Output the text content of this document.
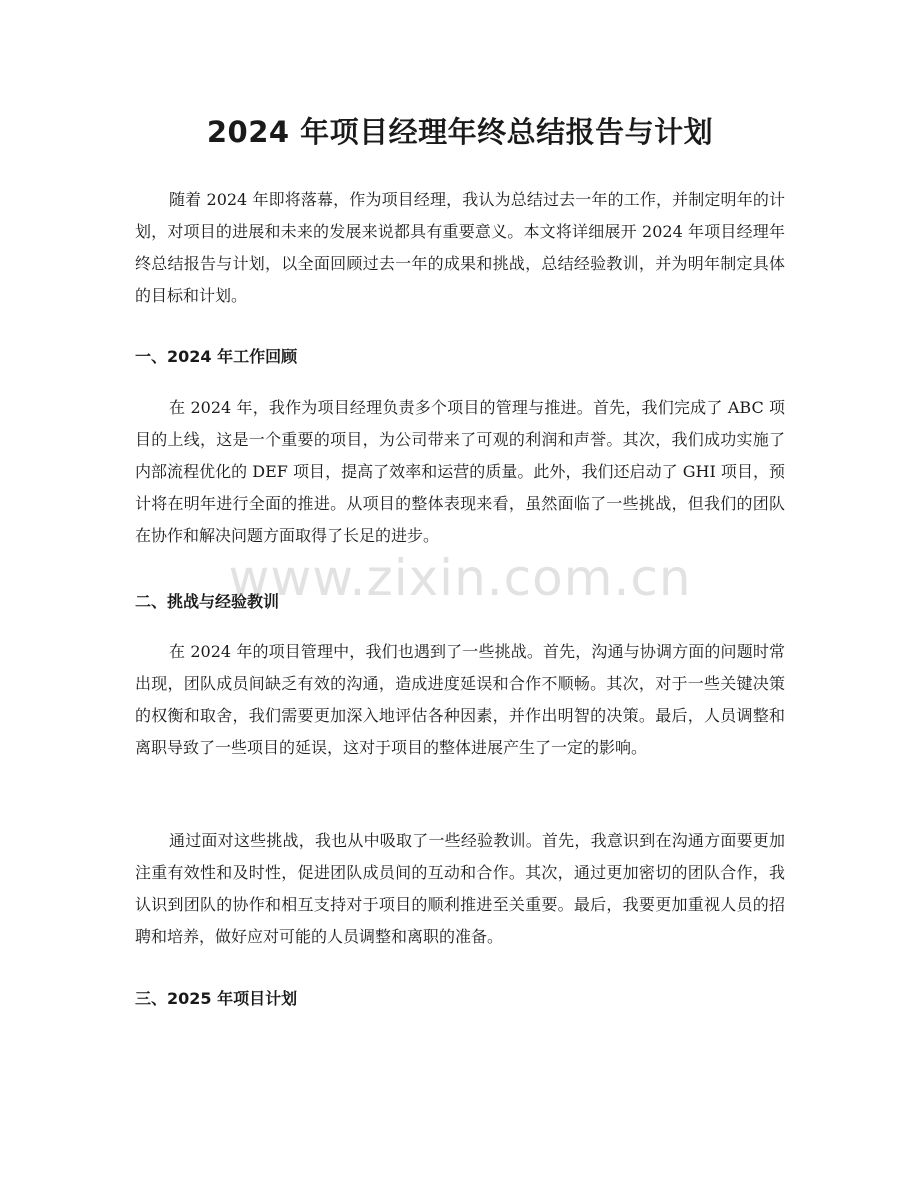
2024 年项目经理年终总结报告与计划

随着 2024 年即将落幕，作为项目经理，我认为总结过去一年的工作，并制定明年的计划，对项目的进展和未来的发展来说都具有重要意义。本文将详细展开 2024 年项目经理年终总结报告与计划，以全面回顾过去一年的成果和挑战，总结经验教训，并为明年制定具体的目标和计划。

一、2024 年工作回顾

在 2024 年，我作为项目经理负责多个项目的管理与推进。首先，我们完成了 ABC 项目的上线，这是一个重要的项目，为公司带来了可观的利润和声誉。其次，我们成功实施了内部流程优化的 DEF 项目，提高了效率和运营的质量。此外，我们还启动了 GHI 项目，预计将在明年进行全面的推进。从项目的整体表现来看，虽然面临了一些挑战，但我们的团队在协作和解决问题方面取得了长足的进步。

二、挑战与经验教训

在 2024 年的项目管理中，我们也遇到了一些挑战。首先，沟通与协调方面的问题时常出现，团队成员间缺乏有效的沟通，造成进度延误和合作不顺畅。其次，对于一些关键决策的权衡和取舍，我们需要更加深入地评估各种因素，并作出明智的决策。最后，人员调整和离职导致了一些项目的延误，这对于项目的整体进展产生了一定的影响。

通过面对这些挑战，我也从中吸取了一些经验教训。首先，我意识到在沟通方面要更加注重有效性和及时性，促进团队成员间的互动和合作。其次，通过更加密切的团队合作，我认识到团队的协作和相互支持对于项目的顺利推进至关重要。最后，我要更加重视人员的招聘和培养，做好应对可能的人员调整和离职的准备。

三、2025 年项目计划
www.zixin.com.cn
